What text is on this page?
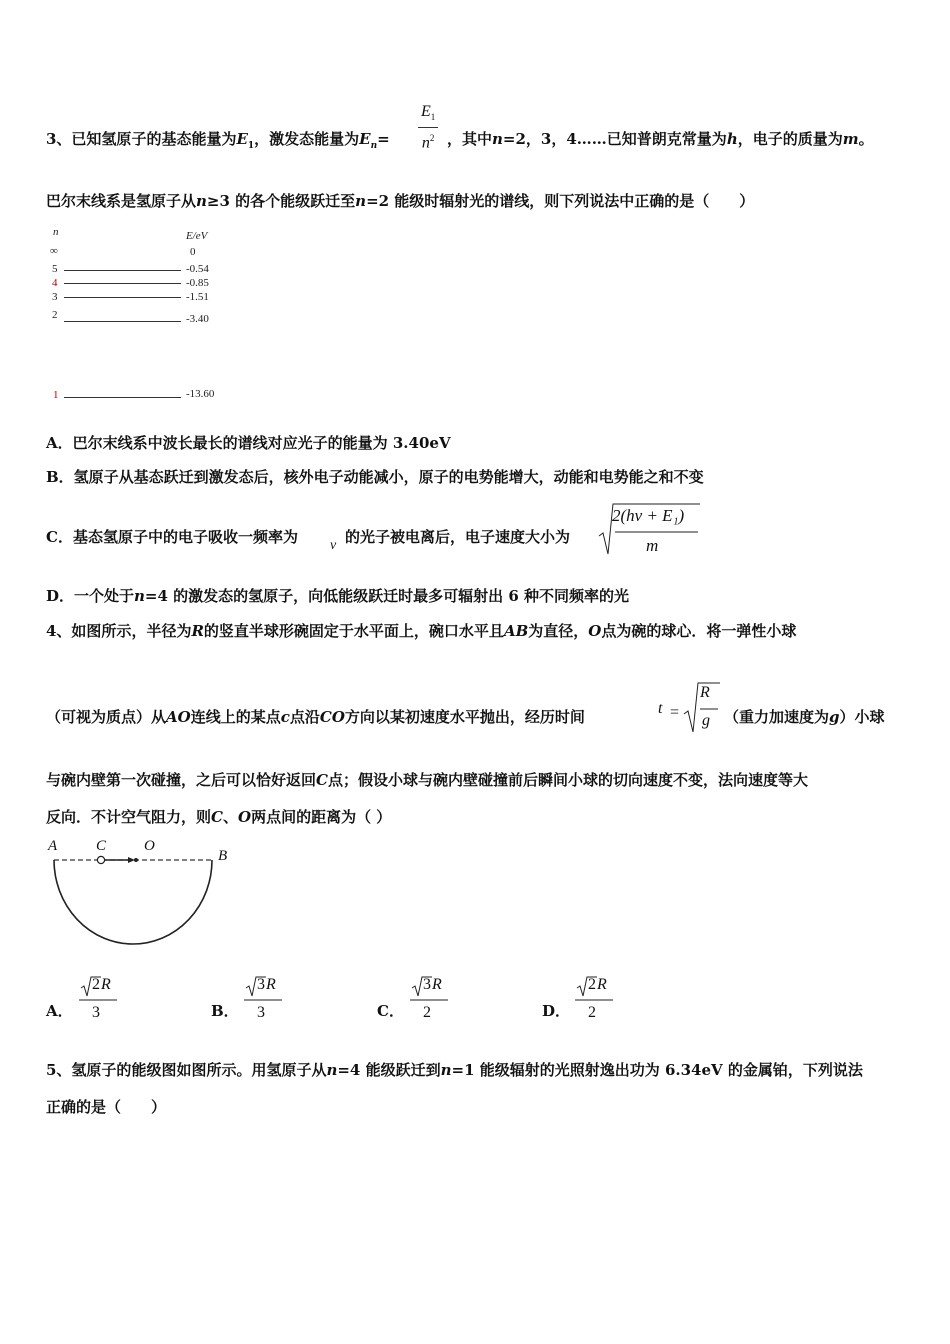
3、已知氢原子的基态能量为$E_1$，激发态能量为$E_n=$
$E_1$
$n^2$ ，其中n=2，3，4……已知普朗克常量为h，电子的质量为m。
巴尔末线系是氢原子从n≥3 的各个能级跃迁至n=2 能级时辐射光的谱线，则下列说法中正确的是（　　）
n	E/eV
∞	0
5	-0.54
4	-0.85
3	-1.51
2	-3.40
1	-13.60
A．巴尔末线系中波长最长的谱线对应光子的能量为 3.40eV
B．氢原子从基态跃迁到激发态后，核外电子动能减小，原子的电势能增大，动能和电势能之和不变
C．基态氢原子中的电子吸收一频率为 ν 的光子被电离后，电子速度大小为
2(hν + E₁)
m
D．一个处于n=4 的激发态的氢原子，向低能级跃迁时最多可辐射出 6 种不同频率的光
4、如图所示，半径为R的竖直半球形碗固定于水平面上，碗口水平且AB为直径，O点为碗的球心．将一弹性小球
（可视为质点）从AO连线上的某点c点沿CO方向以某初速度水平抛出，经历时间	t =
R
g （重力加速度为g）小球
与碗内壁第一次碰撞，之后可以恰好返回C点；假设小球与碗内壁碰撞前后瞬间小球的切向速度不变，法向速度等大
反向．不计空气阻力，则C、O两点间的距离为（ ）
A	C	O
B
A．	B．	C．	D．
2 R
3
3 R
3
3 R
2
2 R
2
5、氢原子的能级图如图所示。用氢原子从n=4 能级跃迁到n=1 能级辐射的光照射逸出功为 6.34eV 的金属铂，下列说法
正确的是（　　）
